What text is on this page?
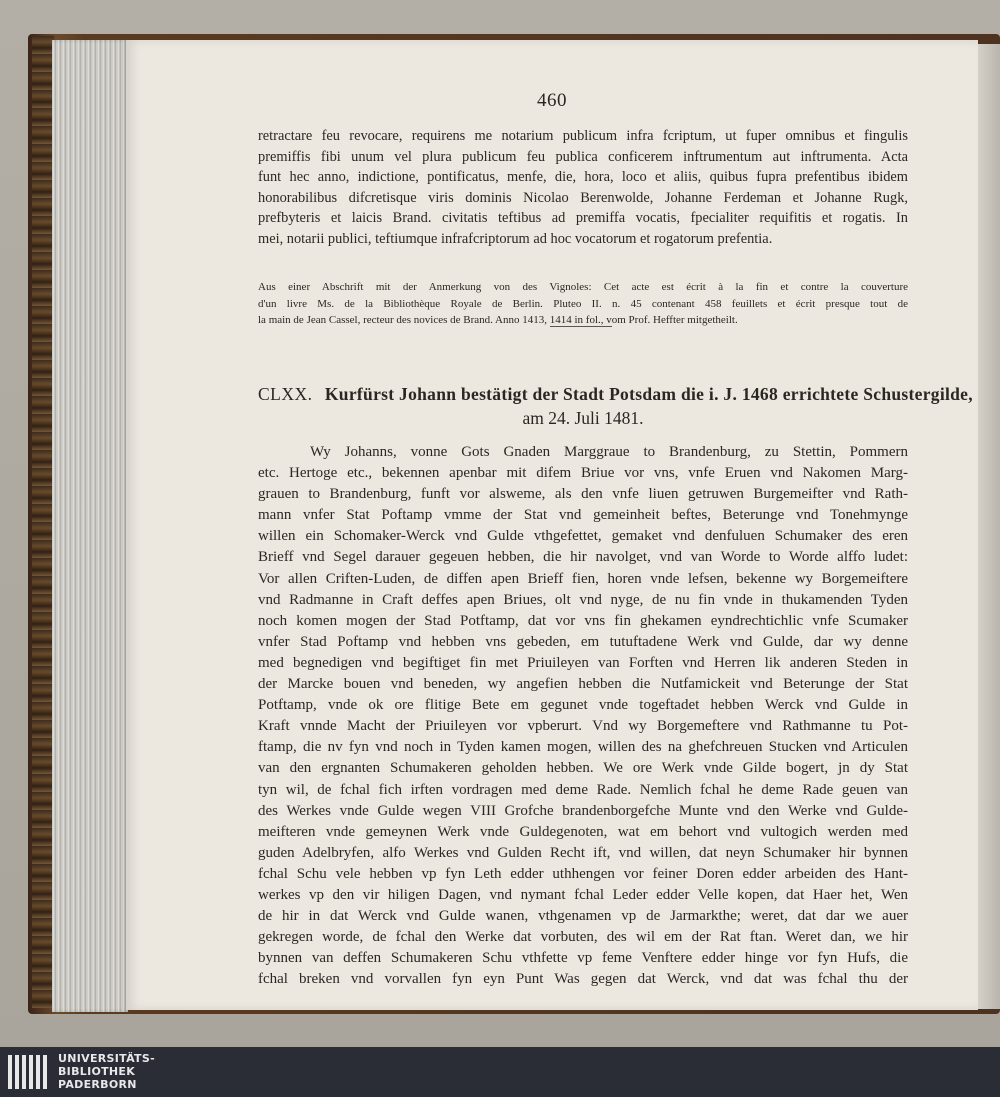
460
retractare feu revocare, requirens me notarium publicum infra fcriptum, ut fuper omnibus et fingulis
premiffis fibi unum vel plura publicum feu publica conficerem inftrumentum aut inftrumenta. Acta
funt hec anno, indictione, pontificatus, menfe, die, hora, loco et aliis, quibus fupra prefentibus ibidem
honorabilibus difcretisque viris dominis Nicolao Berenwolde, Johanne Ferdeman et Johanne Rugk,
prefbyteris et laicis Brand. civitatis teftibus ad premiffa vocatis, fpecialiter requifitis et rogatis. In
mei, notarii publici, teftiumque infrafcriptorum ad hoc vocatorum et rogatorum prefentia.
Aus einer Abschrift mit der Anmerkung von des Vignoles: Cet acte est écrit à la fin et contre la couverture
d'un livre Ms. de la Bibliothèque Royale de Berlin. Pluteo II. n. 45 contenant 458 feuillets et écrit presque tout de
la main de Jean Cassel, recteur des novices de Brand. Anno 1413, 1414 in fol., vom Prof. Heffter mitgetheilt.
CLXX. Kurfürst Johann bestätigt der Stadt Potsdam die i. J. 1468 errichtete Schustergilde,
am 24. Juli 1481.
Wy Johanns, vonne Gots Gnaden Marggraue to Brandenburg, zu Stettin, Pommern
etc. Hertoge etc., bekennen apenbar mit difem Briue vor vns, vnfe Eruen vnd Nakomen Marg-
grauen to Brandenburg, funft vor alsweme, als den vnfe liuen getruwen Burgemeifter vnd Rath-
mann vnfer Stat Poftamp vmme der Stat vnd gemeinheit beftes, Beterunge vnd Tonehmynge
willen ein Schomaker-Werck vnd Gulde vthgefettet, gemaket vnd denfuluen Schumaker des eren
Brieff vnd Segel darauer gegeuen hebben, die hir navolget, vnd van Worde to Worde alffo ludet:
Vor allen Criften-Luden, de diffen apen Brieff fien, horen vnde lefsen, bekenne wy Borgemeiftere
vnd Radmanne in Craft deffes apen Briues, olt vnd nyge, de nu fin vnde in thukamenden Tyden
noch komen mogen der Stad Potftamp, dat vor vns fin ghekamen eyndrechtichlic vnfe Scumaker
vnfer Stad Poftamp vnd hebben vns gebeden, em tutuftadene Werk vnd Gulde, dar wy denne
med begnedigen vnd begiftiget fin met Priuileyen van Forften vnd Herren lik anderen Steden in
der Marcke bouen vnd beneden, wy angefien hebben die Nutfamickeit vnd Beterunge der Stat
Potftamp, vnde ok ore flitige Bete em gegunet vnde togeftadet hebben Werck vnd Gulde in
Kraft vnnde Macht der Priuileyen vor vpberurt. Vnd wy Borgemeftere vnd Rathmanne tu Pot-
ftamp, die nv fyn vnd noch in Tyden kamen mogen, willen des na ghefchreuen Stucken vnd Articulen
van den ergnanten Schumakeren geholden hebben. We ore Werk vnde Gilde bogert, jn dy Stat
tyn wil, de fchal fich irften vordragen med deme Rade. Nemlich fchal he deme Rade geuen van
des Werkes vnde Gulde wegen VIII Grofche brandenborgefche Munte vnd den Werke vnd Gulde-
meifteren vnde gemeynen Werk vnde Guldegenoten, wat em behort vnd vultogich werden med
guden Adelbryfen, alfo Werkes vnd Gulden Recht ift, vnd willen, dat neyn Schumaker hir bynnen
fchal Schu vele hebben vp fyn Leth edder uthhengen vor feiner Doren edder arbeiden des Hant-
werkes vp den vir hiligen Dagen, vnd nymant fchal Leder edder Velle kopen, dat Haer het, Wen
de hir in dat Werck vnd Gulde wanen, vthgenamen vp de Jarmarkthe; weret, dat dar we auer
gekregen worde, de fchal den Werke dat vorbuten, des wil em der Rat ftan. Weret dan, we hir
bynnen van deffen Schumakeren Schu vthfette vp feme Venftere edder hinge vor fyn Hufs, die
fchal breken vnd vorvallen fyn eyn Punt Was gegen dat Werck, vnd dat was fchal thu der
UNIVERSITÄTS-
BIBLIOTHEK
PADERBORN
